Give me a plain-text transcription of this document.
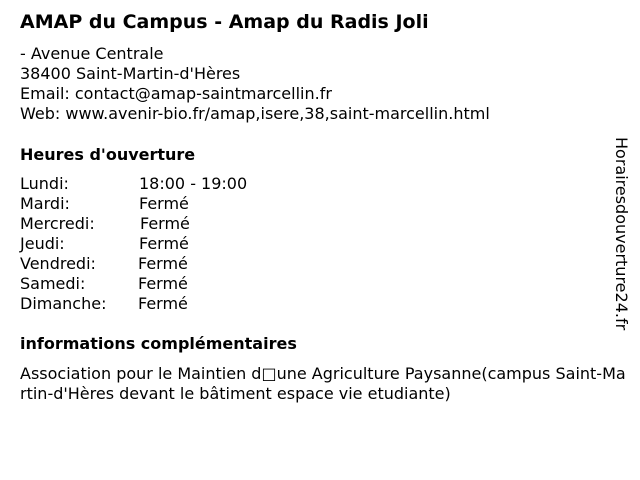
AMAP du Campus - Amap du Radis Joli
- Avenue Centrale
38400 Saint-Martin-d'Hères
Email: contact@amap-saintmarcellin.fr
Web: www.avenir-bio.fr/amap,isere,38,saint-marcellin.html
Heures d'ouverture
Lundi:	18:00 - 19:00
Mardi:	Fermé
Mercredi:	Fermé
Jeudi:	Fermé
Vendredi:	Fermé
Samedi:	Fermé
Dimanche: Fermé
informations complémentaires
Association pour le Maintien d□une Agriculture Paysanne(campus Saint-Martin-d'Hères devant le bâtiment espace vie etudiante)
Horairesdouverture24.fr
